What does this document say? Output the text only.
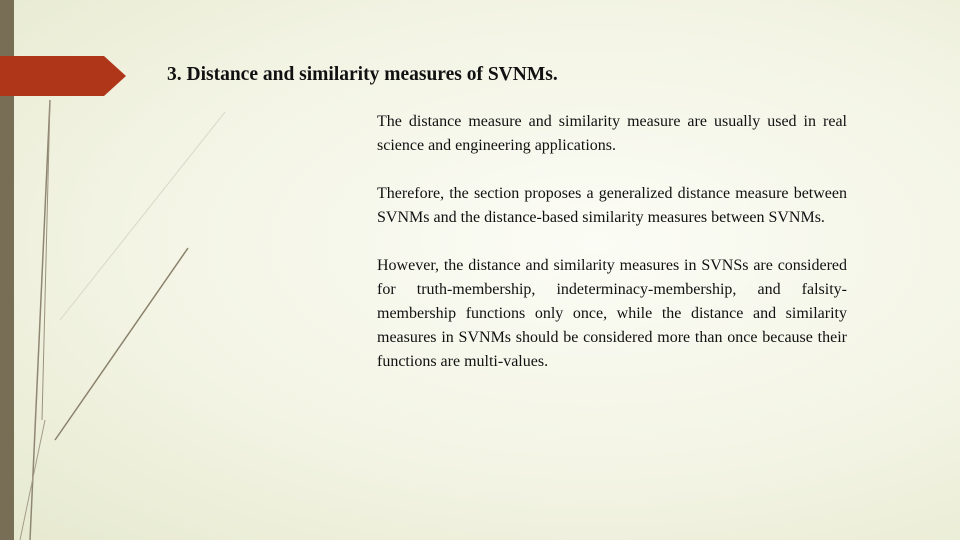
3. Distance and similarity measures of SVNMs.

The distance measure and similarity measure are usually used in real science and engineering applications.

Therefore, the section proposes a generalized distance measure between SVNMs and the distance-based similarity measures between SVNMs.

However, the distance and similarity measures in SVNSs are considered for truth-membership, indeterminacy-membership, and falsity-membership functions only once, while the distance and similarity measures in SVNMs should be considered more than once because their functions are multi-values.
